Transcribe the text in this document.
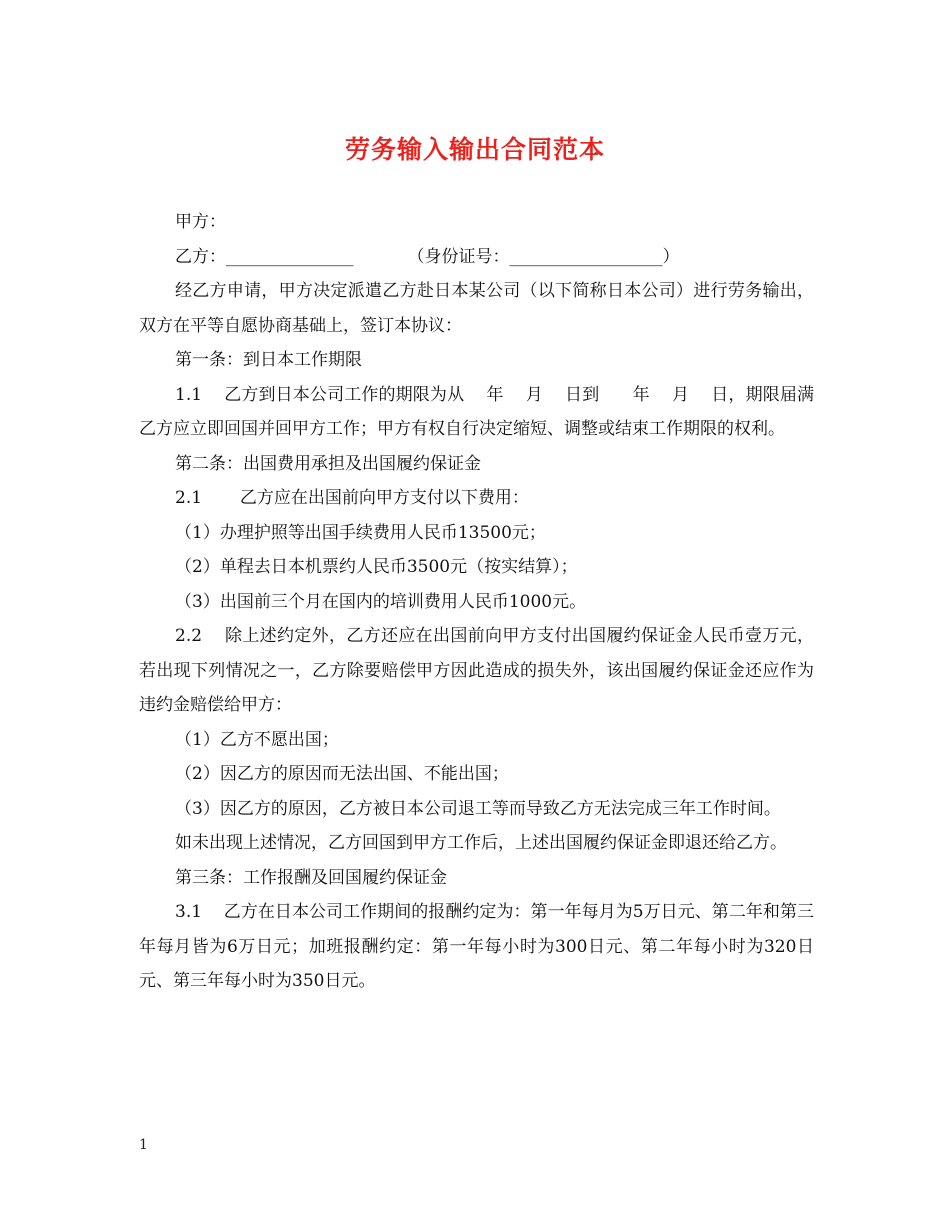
劳务输入输出合同范本

甲方：

乙方：_______________          （身份证号：__________________）

经乙方申请，甲方决定派遣乙方赴日本某公司（以下简称日本公司）进行劳务输出，双方在平等自愿协商基础上，签订本协议：

第一条：到日本工作期限

1.1    乙方到日本公司工作的期限为从    年    月    日到      年    月    日，期限届满乙方应立即回国并回甲方工作；甲方有权自行决定缩短、调整或结束工作期限的权利。

第二条：出国费用承担及出国履约保证金

2.1       乙方应在出国前向甲方支付以下费用：

（1）办理护照等出国手续费用人民币13500元；

（2）单程去日本机票约人民币3500元（按实结算）；

（3）出国前三个月在国内的培训费用人民币1000元。

2.2    除上述约定外，乙方还应在出国前向甲方支付出国履约保证金人民币壹万元，若出现下列情况之一，乙方除要赔偿甲方因此造成的损失外，该出国履约保证金还应作为违约金赔偿给甲方：

（1）乙方不愿出国；

（2）因乙方的原因而无法出国、不能出国；

（3）因乙方的原因，乙方被日本公司退工等而导致乙方无法完成三年工作时间。

如未出现上述情况，乙方回国到甲方工作后，上述出国履约保证金即退还给乙方。

第三条：工作报酬及回国履约保证金

3.1    乙方在日本公司工作期间的报酬约定为：第一年每月为5万日元、第二年和第三年每月皆为6万日元；加班报酬约定：第一年每小时为300日元、第二年每小时为320日元、第三年每小时为350日元。

1
